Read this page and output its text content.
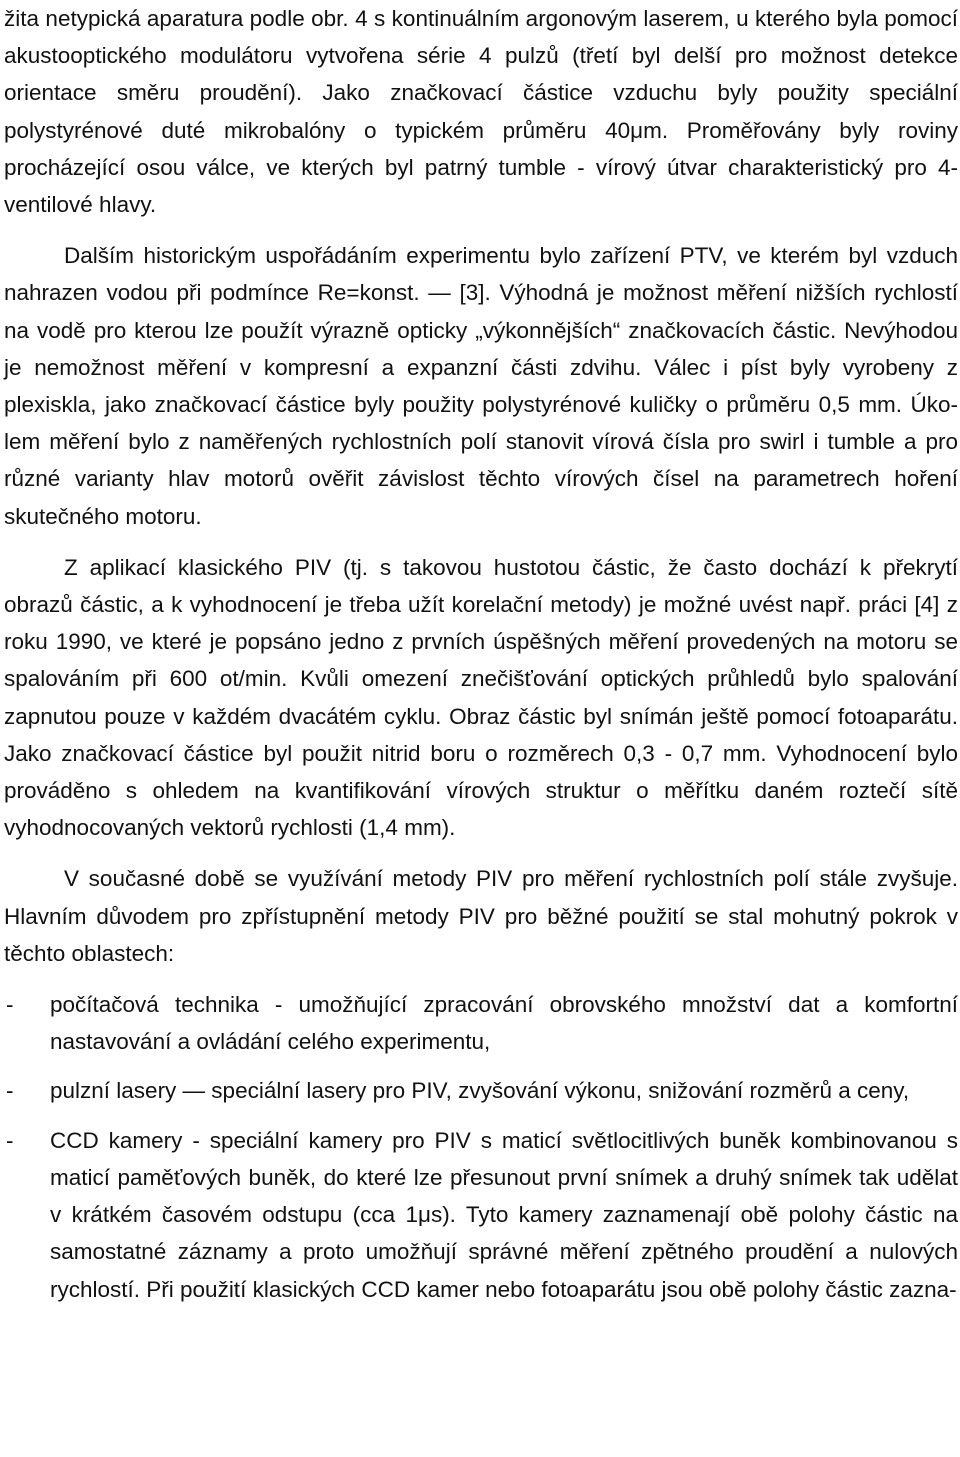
žita netypická aparatura podle obr. 4 s kontinuálním argonovým laserem, u kterého byla pomocí akustooptického modulátoru vytvořena série 4 pulzů (třetí byl delší pro možnost detekce orientace směru proudění). Jako značkovací částice vzduchu byly použity speciální polystyrénové duté mikrobalóny o typickém průměru 40μm. Proměřovány byly roviny procházející osou válce, ve kterých byl patrný tumble - vírový útvar charakteristický pro 4-ventilové hlavy.

Dalším historickým uspořádáním experimentu bylo zařízení PTV, ve kterém byl vzduch nahrazen vodou při podmínce Re=konst. — [3]. Výhodná je možnost měření nižších rychlostí na vodě pro kterou lze použít výrazně opticky „výkonnějších“ značkovacích částic. Nevýhodou je nemožnost měření v kompresní a expanzní části zdvihu. Válec i píst byly vyrobeny z plexiskla, jako značkovací částice byly použity polystyrénové kuličky o průměru 0,5 mm. Úkolem měření bylo z naměřených rychlostních polí stanovit vírová čísla pro swirl i tumble a pro různé varianty hlav motorů ověřit závislost těchto vírových čísel na parametrech hoření skutečného motoru.

Z aplikací klasického PIV (tj. s takovou hustotou částic, že často dochází k překrytí obrazů částic, a k vyhodnocení je třeba užít korelační metody) je možné uvést např. práci [4] z roku 1990, ve které je popsáno jedno z prvních úspěšných měření provedených na motoru se spalováním při 600 ot/min. Kvůli omezení znečišťování optických průhledů bylo spalování zapnutou pouze v každém dvacátém cyklu. Obraz částic byl snímán ještě pomocí fotoaparátu. Jako značkovací částice byl použit nitrid boru o rozměrech 0,3 - 0,7 mm. Vyhodnocení bylo prováděno s ohledem na kvantifikování vírových struktur o měřítku daném roztečí sítě vyhodnocovaných vektorů rychlosti (1,4 mm).

V současné době se využívání metody PIV pro měření rychlostních polí stále zvyšuje. Hlavním důvodem pro zpřístupnění metody PIV pro běžné použití se stal mohutný pokrok v těchto oblastech:

- počítačová technika - umožňující zpracování obrovského množství dat a komfortní nastavování a ovládání celého experimentu,
- pulzní lasery — speciální lasery pro PIV, zvyšování výkonu, snižování rozměrů a ceny,
- CCD kamery - speciální kamery pro PIV s maticí světlocitlivých buněk kombinovanou s maticí paměťových buněk, do které lze přesunout první snímek a druhý snímek tak udělat v krátkém časovém odstupu (cca 1μs). Tyto kamery zaznamenají obě polohy částic na samostatné záznamy a proto umožňují správné měření zpětného proudění a nulových rychlostí. Při použití klasických CCD kamer nebo fotoaparátu jsou obě polohy částic zazna-
